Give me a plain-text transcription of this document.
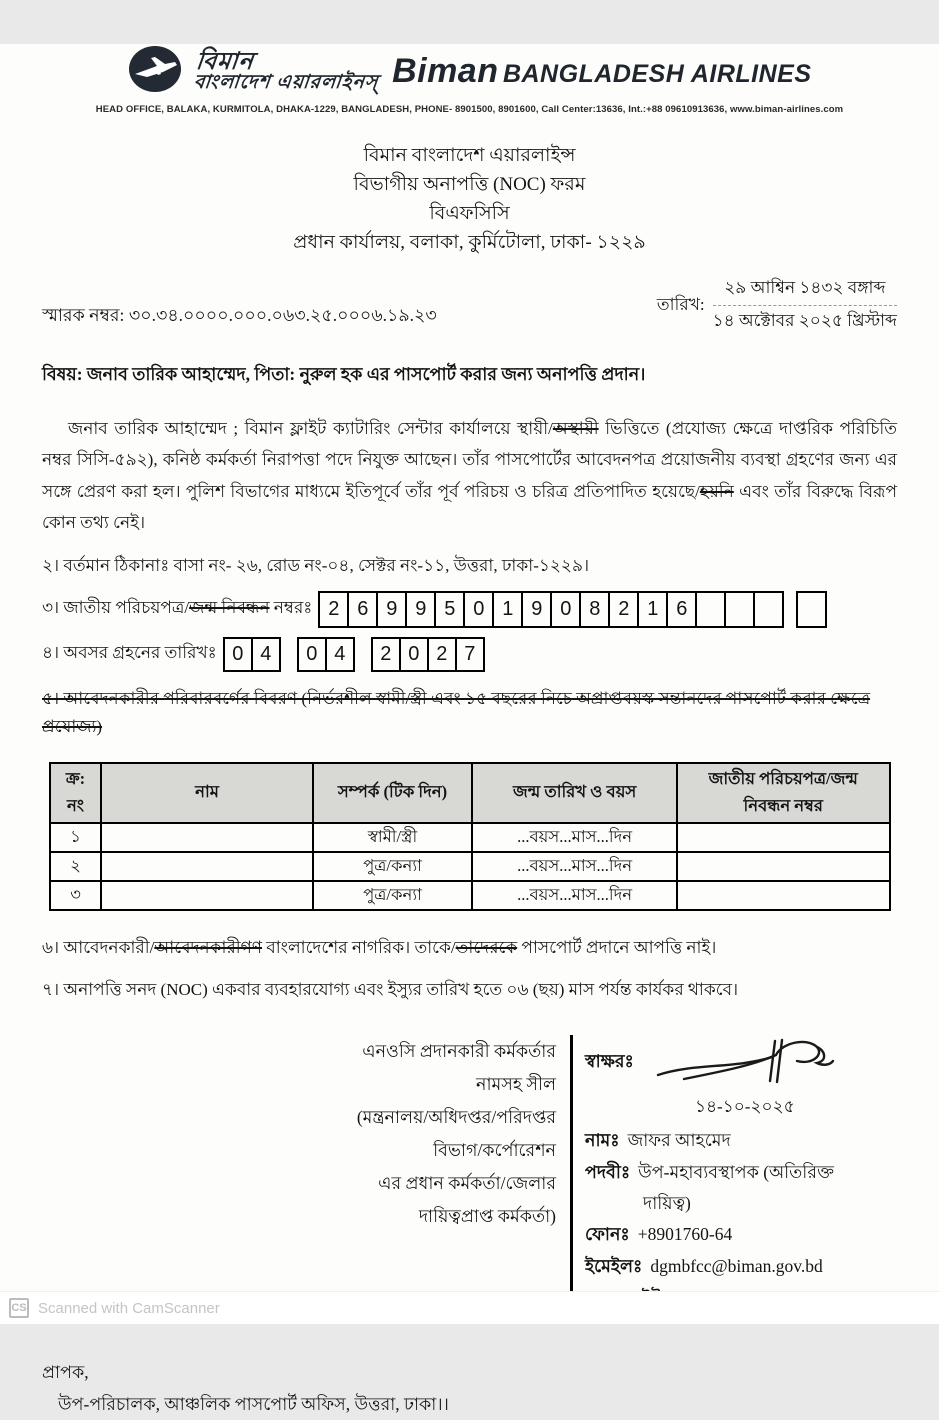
বিমান
বাংলাদেশ এয়ারলাইনস্ Biman BANGLADESH AIRLINES
HEAD OFFICE, BALAKA, KURMITOLA, DHAKA-1229, BANGLADESH, PHONE- 8901500, 8901600, Call Center:13636, Int.:+88 09610913636, www.biman-airlines.com
বিমান বাংলাদেশ এয়ারলাইন্স
বিভাগীয় অনাপত্তি (NOC) ফরম
বিএফসিসি
প্রধান কার্যালয়, বলাকা, কুর্মিটোলা, ঢাকা- ১২২৯
স্মারক নম্বর: ৩০.৩৪.০০০০.০০০.০৬৩.২৫.০০০৬.১৯.২৩
তারিখ:
২৯ আশ্বিন ১৪৩২ বঙ্গাব্দ
১৪ অক্টোবর ২০২৫ খ্রিস্টাব্দ
বিষয়: জনাব তারিক আহাম্মেদ, পিতা: নুরুল হক এর পাসপোর্ট করার জন্য অনাপত্তি প্রদান।
জনাব তারিক আহাম্মেদ ; বিমান ফ্লাইট ক্যাটারিং সেন্টার কার্যালয়ে স্থায়ী/অস্থায়ী ভিত্তিতে (প্রযোজ্য ক্ষেত্রে দাপ্তরিক পরিচিতি নম্বর সিসি-৫৯২), কনিষ্ঠ কর্মকর্তা নিরাপত্তা পদে নিযুক্ত আছেন। তাঁর পাসপোর্টের আবেদনপত্র প্রয়োজনীয় ব্যবস্থা গ্রহণের জন্য এর সঙ্গে প্রেরণ করা হল। পুলিশ বিভাগের মাধ্যমে ইতিপূর্বে তাঁর পূর্ব পরিচয় ও চরিত্র প্রতিপাদিত হয়েছে/হয়নি এবং তাঁর বিরুদ্ধে বিরূপ কোন তথ্য নেই।
২। বর্তমান ঠিকানাঃ বাসা নং- ২৬, রোড নং-০৪, সেক্টর নং-১১, উত্তরা, ঢাকা-১২২৯।
৩। জাতীয় পরিচয়পত্র/জন্ম নিবন্ধন নম্বরঃ 2 6 9 9 5 0 1 9 0 8 2 1 6
৪। অবসর গ্রহনের তারিখঃ 0 4	0 4	2 0 2 7
৫। আবেদনকারীর পরিবারবর্গের বিবরণ (নির্ভরশীল স্বামী/স্ত্রী এবং ১৫ বছরের নিচে অপ্রাপ্তবয়স্ক সন্তানদের পাসপোর্ট করার ক্ষেত্রে প্রযোজ্য)
ক্র: নং	নাম	সম্পর্ক (টিক দিন)	জন্ম তারিখ ও বয়স	জাতীয় পরিচয়পত্র/জন্ম নিবন্ধন নম্বর
১		স্বামী/স্ত্রী	...বয়স...মাস...দিন	
২		পুত্র/কন্যা	...বয়স...মাস...দিন	
৩		পুত্র/কন্যা	...বয়স...মাস...দিন	
৬। আবেদনকারী/আবেদনকারীগণ বাংলাদেশের নাগরিক। তাকে/তাদেরকে পাসপোর্ট প্রদানে আপত্তি নাই।
৭। অনাপত্তি সনদ (NOC) একবার ব্যবহারযোগ্য এবং ইস্যুর তারিখ হতে ০৬ (ছয়) মাস পর্যন্ত কার্যকর থাকবে।
এনওসি প্রদানকারী কর্মকর্তার
নামসহ সীল
(মন্ত্রনালয়/অধিদপ্তর/পরিদপ্তর
বিভাগ/কর্পোরেশন
এর প্রধান কর্মকর্তা/জেলার
দায়িত্বপ্রাপ্ত কর্মকর্তা)
স্বাক্ষরঃ
১৪-১০-২০২৫
নামঃ জাফর আহমেদ
পদবীঃ উপ-মহাব্যবস্থাপক (অতিরিক্ত
দায়িত্ব)
ফোনঃ +8901760-64
ইমেইলঃ dgmbfcc@biman.gov.bd
প্রাপক,
উপ-পরিচালক, আঞ্চলিক পাসপোর্ট অফিস, উত্তরা, ঢাকা।।
CS Scanned with CamScanner
